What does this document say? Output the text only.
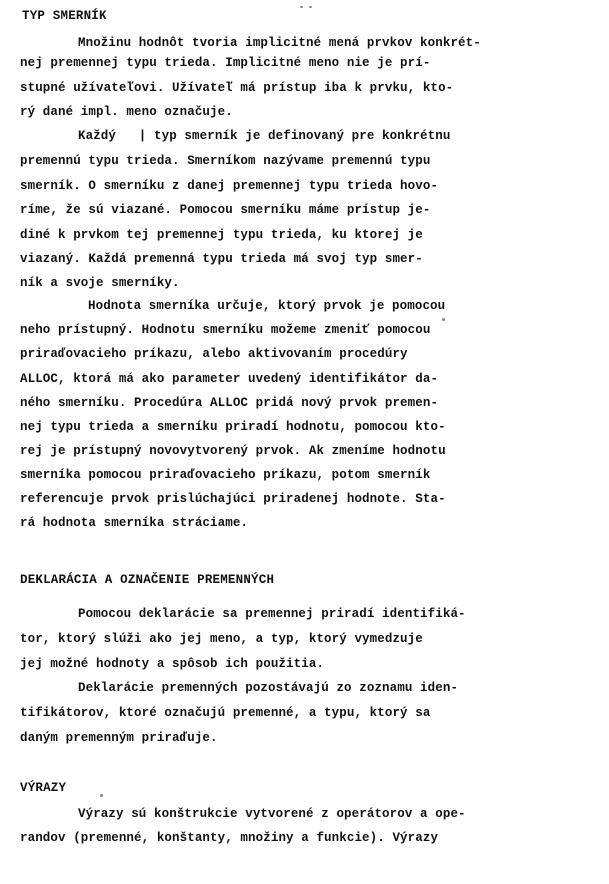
TYP SMERNÍK
Množinu hodnôt tvoria implicitné mená prvkov konkrét-
nej premennej typu trieda. Implicitné meno nie je prí-
stupné užívateľovi. Užívateľ má prístup iba k prvku, kto-
rý dané impl. meno označuje.
Každý   | typ smerník je definovaný pre konkrétnu
premennú typu trieda. Smerníkom nazývame premennú typu
smerník. O smerníku z danej premennej typu trieda hovo-
ríme, že sú viazané. Pomocou smerníku máme prístup je-
diné k prvkom tej premennej typu trieda, ku ktorej je
viazaný. Každá premenná typu trieda má svoj typ smer-
ník a svoje smerníky.
Hodnota smerníka určuje, ktorý prvok je pomocou
neho prístupný. Hodnotu smerníku možeme zmeniť pomocou
priraďovacieho príkazu, alebo aktivovaním procedúry
ALLOC, ktorá má ako parameter uvedený identifikátor da-
ného smerníku. Procedúra ALLOC pridá nový prvok premen-
nej typu trieda a smerníku priradí hodnotu, pomocou kto-
rej je prístupný novovytvorený prvok. Ak zmeníme hodnotu
smerníka pomocou priraďovacieho príkazu, potom smerník
referencuje prvok prislúchajúci priradenej hodnote. Sta-
rá hodnota smerníka stráciame.
DEKLARÁCIA A OZNAČENIE PREMENNÝCH
Pomocou deklarácie sa premennej priradí identifiká-
tor, ktorý slúži ako jej meno, a typ, ktorý vymedzuje
jej možné hodnoty a spôsob ich použitia.
Deklarácie premenných pozostávajú zo zoznamu iden-
tifikátorov, ktoré označujú premenné, a typu, ktorý sa
daným premenným priraďuje.
VÝRAZY
Výrazy sú konštrukcie vytvorené z operátorov a ope-
randov (premenné, konštanty, množiny a funkcie). Výrazy
